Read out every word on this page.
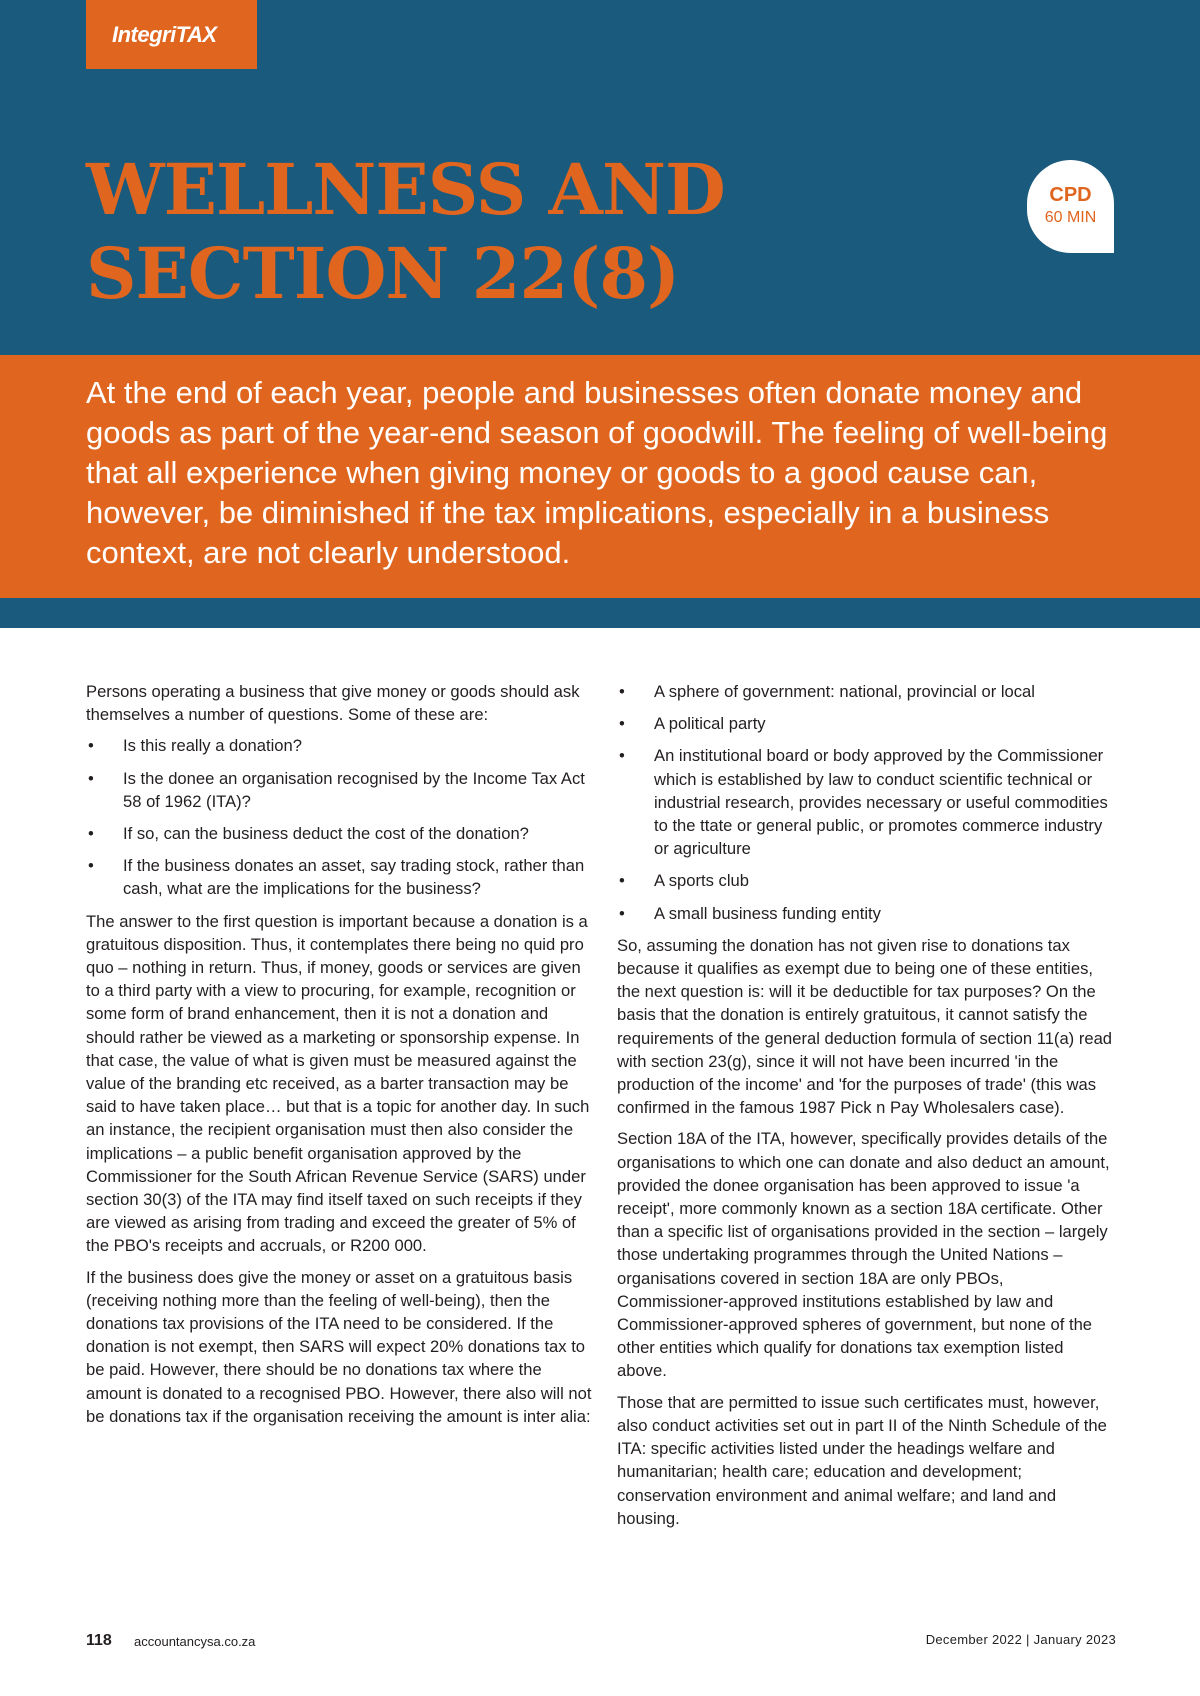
IntegriTAX
WELLNESS AND
SECTION 22(8)
CPD
60 MIN

At the end of each year, people and businesses often donate money and goods as part of the year-end season of goodwill. The feeling of well-being that all experience when giving money or goods to a good cause can, however, be diminished if the tax implications, especially in a business context, are not clearly understood.

Persons operating a business that give money or goods should ask themselves a number of questions. Some of these are:

• Is this really a donation?
• Is the donee an organisation recognised by the Income Tax Act 58 of 1962 (ITA)?
• If so, can the business deduct the cost of the donation?
• If the business donates an asset, say trading stock, rather than cash, what are the implications for the business?

The answer to the first question is important because a donation is a gratuitous disposition. Thus, it contemplates there being no quid pro quo – nothing in return. Thus, if money, goods or services are given to a third party with a view to procuring, for example, recognition or some form of brand enhancement, then it is not a donation and should rather be viewed as a marketing or sponsorship expense. In that case, the value of what is given must be measured against the value of the branding etc received, as a barter transaction may be said to have taken place… but that is a topic for another day. In such an instance, the recipient organisation must then also consider the implications – a public benefit organisation approved by the Commissioner for the South African Revenue Service (SARS) under section 30(3) of the ITA may find itself taxed on such receipts if they are viewed as arising from trading and exceed the greater of 5% of the PBO's receipts and accruals, or R200 000.

If the business does give the money or asset on a gratuitous basis (receiving nothing more than the feeling of well-being), then the donations tax provisions of the ITA need to be considered. If the donation is not exempt, then SARS will expect 20% donations tax to be paid. However, there should be no donations tax where the amount is donated to a recognised PBO. However, there also will not be donations tax if the organisation receiving the amount is inter alia:

• A sphere of government: national, provincial or local
• A political party
• An institutional board or body approved by the Commissioner which is established by law to conduct scientific technical or industrial research, provides necessary or useful commodities to the ttate or general public, or promotes commerce industry or agriculture
• A sports club
• A small business funding entity

So, assuming the donation has not given rise to donations tax because it qualifies as exempt due to being one of these entities, the next question is: will it be deductible for tax purposes? On the basis that the donation is entirely gratuitous, it cannot satisfy the requirements of the general deduction formula of section 11(a) read with section 23(g), since it will not have been incurred 'in the production of the income' and 'for the purposes of trade' (this was confirmed in the famous 1987 Pick n Pay Wholesalers case).

Section 18A of the ITA, however, specifically provides details of the organisations to which one can donate and also deduct an amount, provided the donee organisation has been approved to issue 'a receipt', more commonly known as a section 18A certificate. Other than a specific list of organisations provided in the section – largely those undertaking programmes through the United Nations – organisations covered in section 18A are only PBOs, Commissioner-approved institutions established by law and Commissioner-approved spheres of government, but none of the other entities which qualify for donations tax exemption listed above.

Those that are permitted to issue such certificates must, however, also conduct activities set out in part II of the Ninth Schedule of the ITA: specific activities listed under the headings welfare and humanitarian; health care; education and development; conservation environment and animal welfare; and land and housing.

118 accountancysa.co.za	December 2022 | January 2023
